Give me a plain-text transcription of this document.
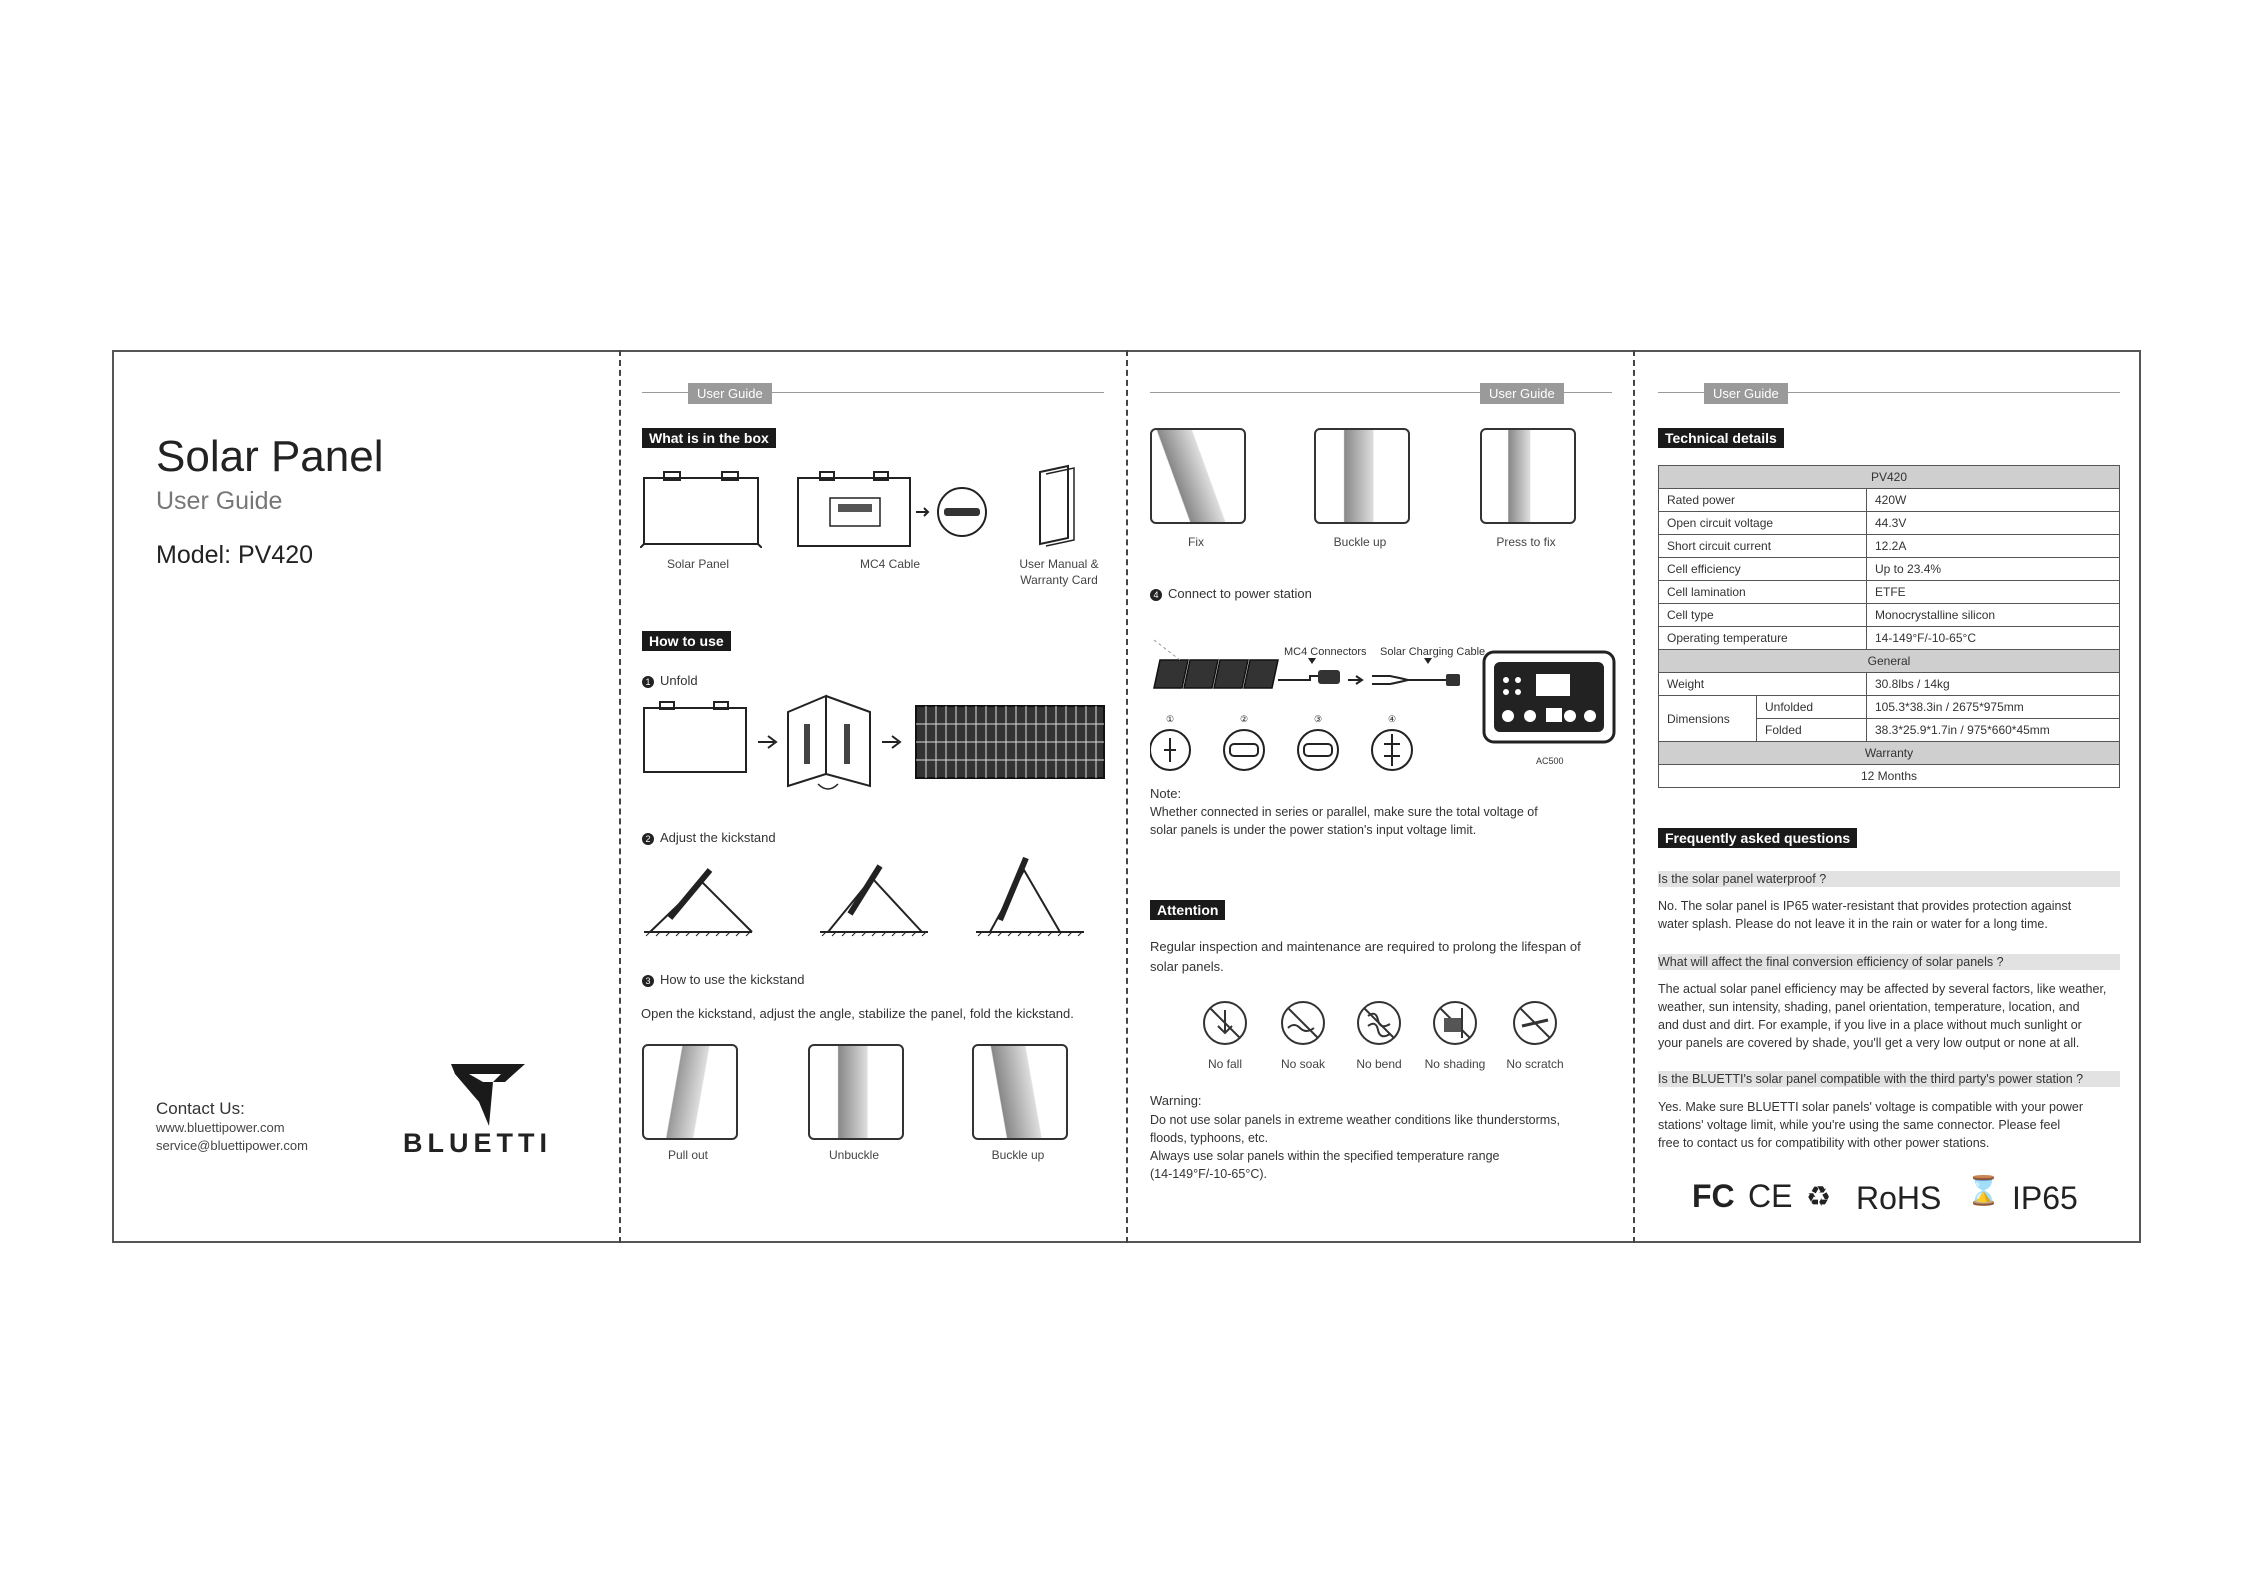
Solar Panel
User Guide
Model: PV420
Contact Us:
www.bluettipower.com
service@bluettipower.com	BLUETTI
User Guide
What is in the box
Solar Panel	MC4 Cable	User Manual &
Warranty Card
How to use
1 Unfold
2 Adjust the kickstand
3 How to use the kickstand
Open the kickstand, adjust the angle, stabilize the panel, fold the kickstand.
Pull out	Unbuckle	Buckle up
User Guide
Fix	Buckle up	Press to fix
4 Connect to power station
①	②	③	④
MC4 Connectors Solar Charging Cable
AC500
Note:
Whether connected in series or parallel, make sure the total voltage of
solar panels is under the power station's input voltage limit.
Attention
Regular inspection and maintenance are required to prolong the lifespan of
solar panels.
No fall	No soak	No bend	No shading	No scratch
Warning:
Do not use solar panels in extreme weather conditions like thunderstorms,
floods, typhoons, etc.
Always use solar panels within the specified temperature range
(14-149°F/-10-65°C).
User Guide
Technical details
PV420		
Rated power		420W
Open circuit voltage		44.3V
Short circuit current		12.2A
Cell efficiency		Up to 23.4%
Cell lamination		ETFE
Cell type		Monocrystalline silicon
Operating temperature		14-149°F/-10-65°C
General		
Weight		30.8lbs / 14kg
Dimensions	Unfolded	105.3*38.3in / 2675*975mm
	Folded	38.3*25.9*1.7in / 975*660*45mm
Warranty		
12 Months		
Frequently asked questions
Is the solar panel waterproof ?
No. The solar panel is IP65 water-resistant that provides protection against
water splash. Please do not leave it in the rain or water for a long time.
What will affect the final conversion efficiency of solar panels ?
The actual solar panel efficiency may be affected by several factors, like weather,
weather, sun intensity, shading, panel orientation, temperature, location, and
and dust and dirt. For example, if you live in a place without much sunlight or
your panels are covered by shade, you'll get a very low output or none at all.
Is the BLUETTI's solar panel compatible with the third party's power station ?
Yes. Make sure BLUETTI solar panels' voltage is compatible with your power
stations' voltage limit, while you're using the same connector. Please feel
free to contact us for compatibility with other power stations.
FC CE ♻ RoHS ⌛ IP65
